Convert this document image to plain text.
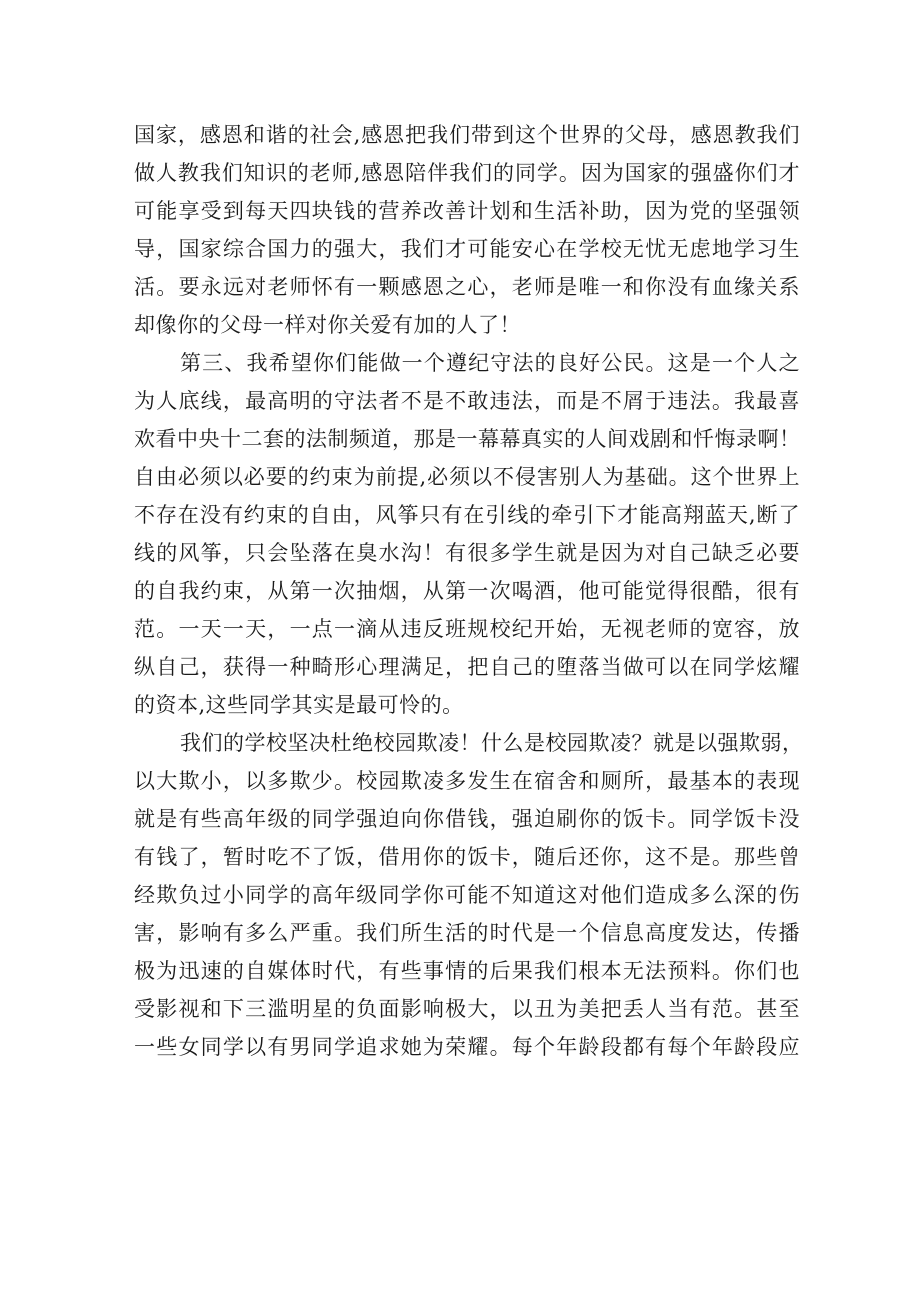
国家，感恩和谐的社会,感恩把我们带到这个世界的父母，感恩教我们
做人教我们知识的老师,感恩陪伴我们的同学。因为国家的强盛你们才
可能享受到每天四块钱的营养改善计划和生活补助，因为党的坚强领
导，国家综合国力的强大，我们才可能安心在学校无忧无虑地学习生
活。要永远对老师怀有一颗感恩之心，老师是唯一和你没有血缘关系
却像你的父母一样对你关爱有加的人了！
第三、我希望你们能做一个遵纪守法的良好公民。这是一个人之
为人底线，最高明的守法者不是不敢违法，而是不屑于违法。我最喜
欢看中央十二套的法制频道，那是一幕幕真实的人间戏剧和忏悔录啊！
自由必须以必要的约束为前提,必须以不侵害别人为基础。这个世界上
不存在没有约束的自由，风筝只有在引线的牵引下才能高翔蓝天,断了
线的风筝，只会坠落在臭水沟！有很多学生就是因为对自己缺乏必要
的自我约束，从第一次抽烟，从第一次喝酒，他可能觉得很酷，很有
范。一天一天，一点一滴从违反班规校纪开始，无视老师的宽容，放
纵自己，获得一种畸形心理满足，把自己的堕落当做可以在同学炫耀
的资本,这些同学其实是最可怜的。
我们的学校坚决杜绝校园欺凌！什么是校园欺凌？就是以强欺弱，
以大欺小，以多欺少。校园欺凌多发生在宿舍和厕所，最基本的表现
就是有些高年级的同学强迫向你借钱，强迫刷你的饭卡。同学饭卡没
有钱了，暂时吃不了饭，借用你的饭卡，随后还你，这不是。那些曾
经欺负过小同学的高年级同学你可能不知道这对他们造成多么深的伤
害，影响有多么严重。我们所生活的时代是一个信息高度发达，传播
极为迅速的自媒体时代，有些事情的后果我们根本无法预料。你们也
受影视和下三滥明星的负面影响极大，以丑为美把丢人当有范。甚至
一些女同学以有男同学追求她为荣耀。每个年龄段都有每个年龄段应
